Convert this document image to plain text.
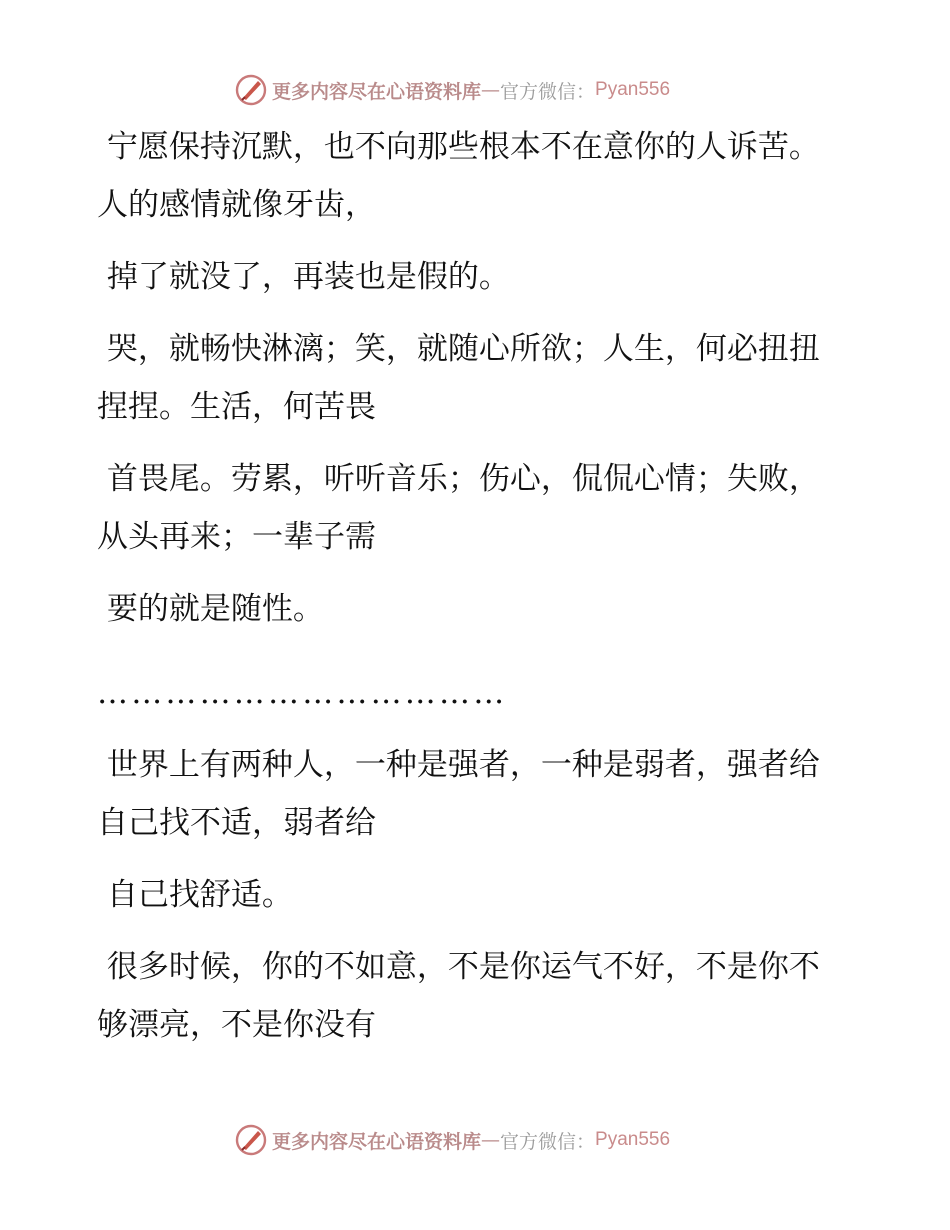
更多内容尽在心语资料库 — 官方微信： Pyan556

宁愿保持沉默，也不向那些根本不在意你的人诉苦。人的感情就像牙齿，

掉了就没了，再装也是假的。

哭，就畅快淋漓；笑，就随心所欲；人生，何必扭扭捏捏。生活，何苦畏

首畏尾。劳累，听听音乐；伤心，侃侃心情；失败，从头再来；一辈子需

要的就是随性。

………………………………

世界上有两种人，一种是强者，一种是弱者，强者给自己找不适，弱者给

自己找舒适。

很多时候，你的不如意，不是你运气不好，不是你不够漂亮，不是你没有

更多内容尽在心语资料库 — 官方微信： Pyan556
